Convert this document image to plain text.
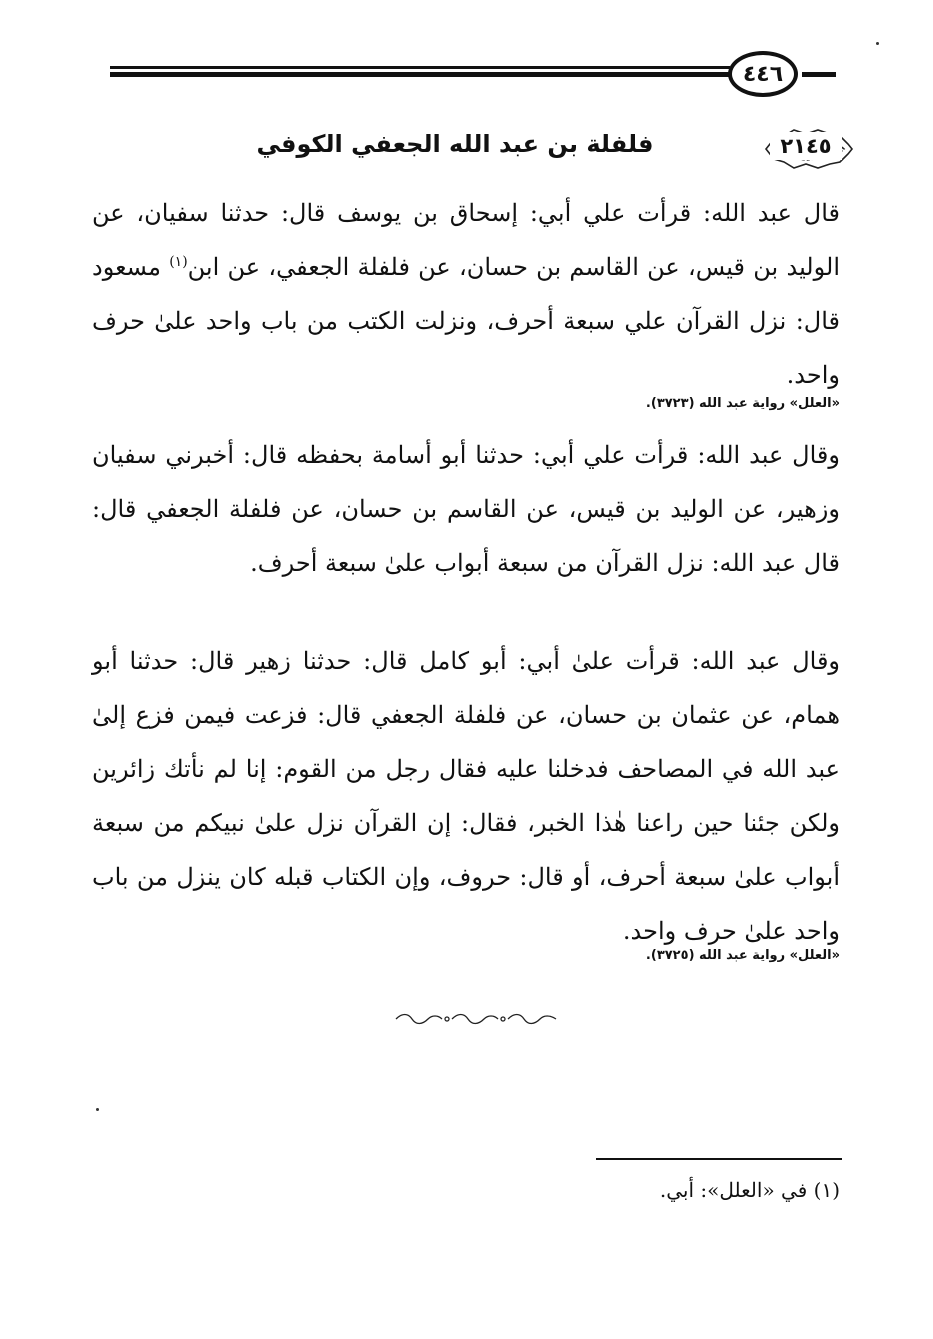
٤٤٦
٢١٤٥
فلفلة بن عبد الله الجعفي الكوفي
قال عبد الله: قرأت علي أبي: إسحاق بن يوسف قال: حدثنا سفيان، عن الوليد بن قيس، عن القاسم بن حسان، عن فلفلة الجعفي، عن ابن$^{(١)}$ مسعود قال: نزل القرآن علي سبعة أحرف، ونزلت الكتب من باب واحد علىٰ حرف واحد.
«العلل» رواية عبد الله (٣٧٢٣).
وقال عبد الله: قرأت علي أبي: حدثنا أبو أسامة بحفظه قال: أخبرني سفيان وزهير، عن الوليد بن قيس، عن القاسم بن حسان، عن فلفلة الجعفي قال: قال عبد الله: نزل القرآن من سبعة أبواب علىٰ سبعة أحرف.
وقال عبد الله: قرأت علىٰ أبي: أبو كامل قال: حدثنا زهير قال: حدثنا أبو همام، عن عثمان بن حسان، عن فلفلة الجعفي قال: فزعت فيمن فزع إلىٰ عبد الله في المصاحف فدخلنا عليه فقال رجل من القوم: إنا لم نأتك زائرين ولكن جئنا حين راعنا هٰذا الخبر، فقال: إن القرآن نزل علىٰ نبيكم من سبعة أبواب علىٰ سبعة أحرف، أو قال: حروف، وإن الكتاب قبله كان ينزل من باب واحد علىٰ حرف واحد.
«العلل» رواية عبد الله (٣٧٢٥).
(١) في «العلل»: أبي.
